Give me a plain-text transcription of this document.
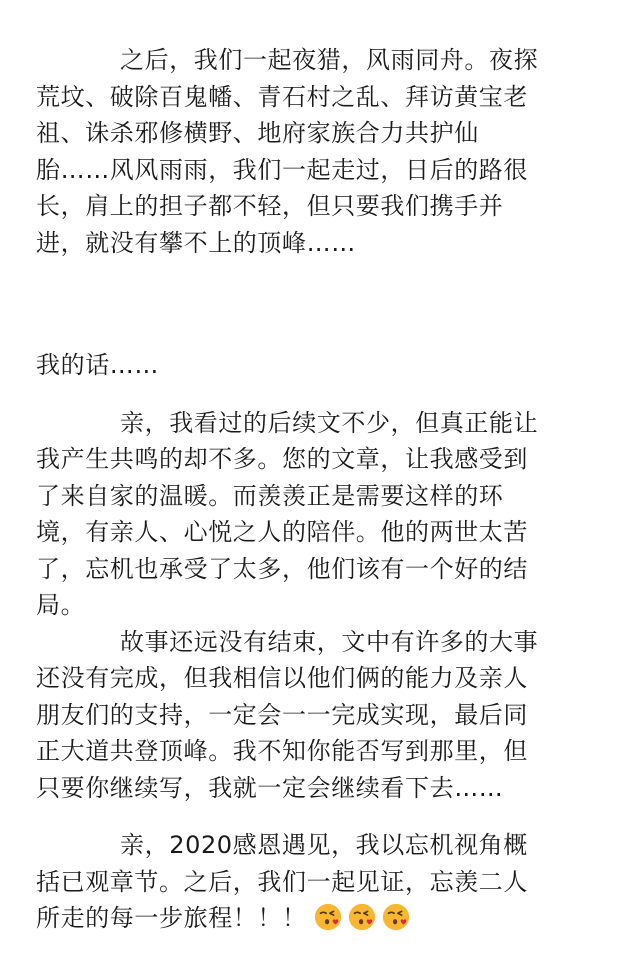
之后，我们一起夜猎，风雨同舟。夜探
荒坟、破除百鬼幡、青石村之乱、拜访黄宝老
祖、诛杀邪修横野、地府家族合力共护仙
胎……风风雨雨，我们一起走过，日后的路很
长，肩上的担子都不轻，但只要我们携手并
进，就没有攀不上的顶峰……
我的话……
亲，我看过的后续文不少，但真正能让
我产生共鸣的却不多。您的文章，让我感受到
了来自家的温暖。而羡羡正是需要这样的环
境，有亲人、心悦之人的陪伴。他的两世太苦
了，忘机也承受了太多，他们该有一个好的结
局。
故事还远没有结束，文中有许多的大事
还没有完成，但我相信以他们俩的能力及亲人
朋友们的支持，一定会一一完成实现，最后同
正大道共登顶峰。我不知你能否写到那里，但
只要你继续写，我就一定会继续看下去……
亲，2020感恩遇见，我以忘机视角概
括已观章节。之后，我们一起见证，忘羡二人
所走的每一步旅程！！！
